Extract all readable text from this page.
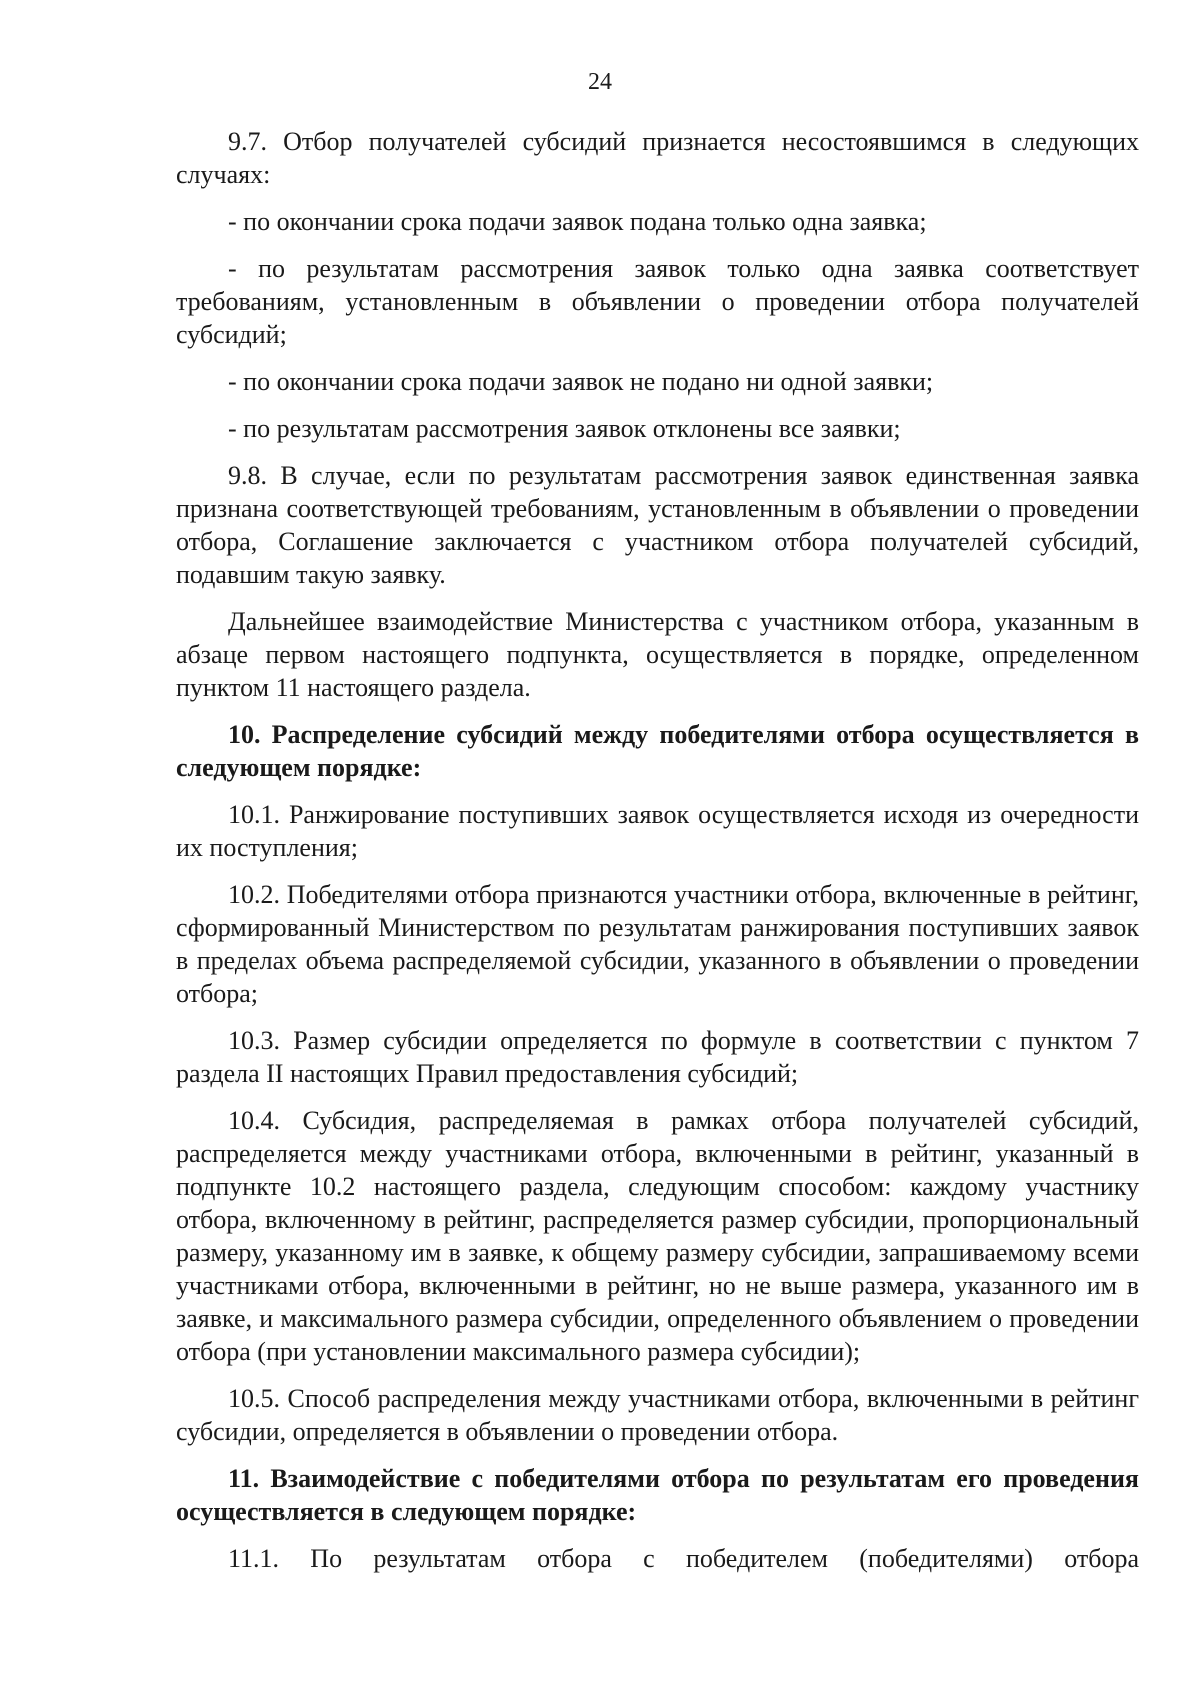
24

9.7. Отбор получателей субсидий признается несостоявшимся в следующих случаях:

- по окончании срока подачи заявок подана только одна заявка;

- по результатам рассмотрения заявок только одна заявка соответствует требованиям, установленным в объявлении о проведении отбора получателей субсидий;

- по окончании срока подачи заявок не подано ни одной заявки;

- по результатам рассмотрения заявок отклонены все заявки;

9.8. В случае, если по результатам рассмотрения заявок единственная заявка признана соответствующей требованиям, установленным в объявлении о проведении отбора, Соглашение заключается с участником отбора получателей субсидий, подавшим такую заявку.

Дальнейшее взаимодействие Министерства с участником отбора, указанным в абзаце первом настоящего подпункта, осуществляется в порядке, определенном пунктом 11 настоящего раздела.

10. Распределение субсидий между победителями отбора осуществляется в следующем порядке:

10.1. Ранжирование поступивших заявок осуществляется исходя из очередности их поступления;

10.2. Победителями отбора признаются участники отбора, включенные в рейтинг, сформированный Министерством по результатам ранжирования поступивших заявок в пределах объема распределяемой субсидии, указанного в объявлении о проведении отбора;

10.3. Размер субсидии определяется по формуле в соответствии с пунктом 7 раздела II настоящих Правил предоставления субсидий;

10.4. Субсидия, распределяемая в рамках отбора получателей субсидий, распределяется между участниками отбора, включенными в рейтинг, указанный в подпункте 10.2 настоящего раздела, следующим способом: каждому участнику отбора, включенному в рейтинг, распределяется размер субсидии, пропорциональный размеру, указанному им в заявке, к общему размеру субсидии, запрашиваемому всеми участниками отбора, включенными в рейтинг, но не выше размера, указанного им в заявке, и максимального размера субсидии, определенного объявлением о проведении отбора (при установлении максимального размера субсидии);

10.5. Способ распределения между участниками отбора, включенными в рейтинг субсидии, определяется в объявлении о проведении отбора.

11. Взаимодействие с победителями отбора по результатам его проведения осуществляется в следующем порядке:

11.1. По результатам отбора с победителем (победителями) отбора
